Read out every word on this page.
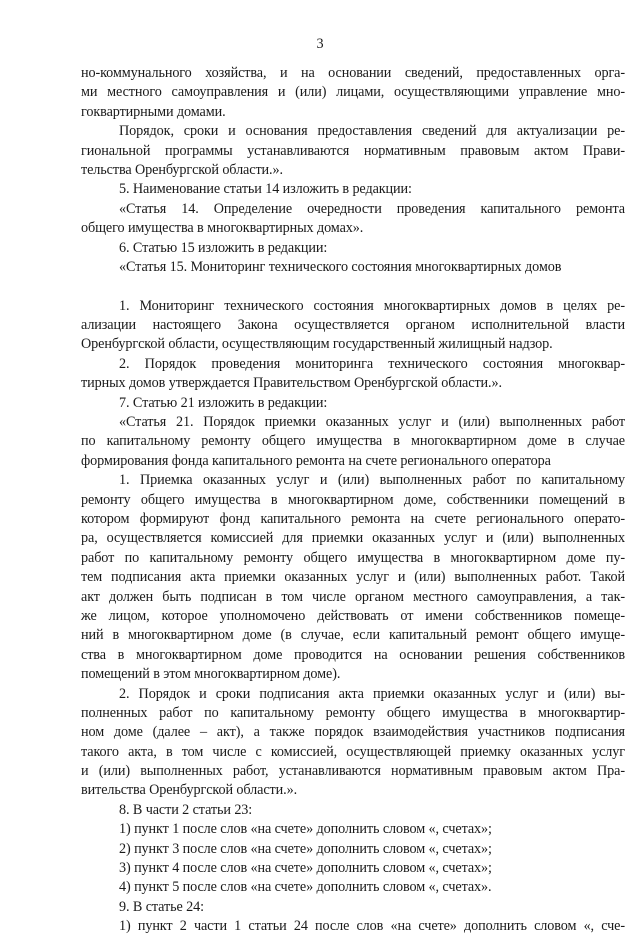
3
но-коммунального хозяйства, и на основании сведений, предоставленных орга-
ми местного самоуправления и (или) лицами, осуществляющими управление мно-
гоквартирными домами.
Порядок, сроки и основания предоставления сведений для актуализации ре-
гиональной программы устанавливаются нормативным правовым актом Прави-
тельства Оренбургской области.».
5. Наименование статьи 14 изложить в редакции:
«Статья 14. Определение очередности проведения капитального ремонта
общего имущества в многоквартирных домах».
6. Статью 15 изложить в редакции:
«Статья 15. Мониторинг технического состояния многоквартирных домов
1. Мониторинг технического состояния многоквартирных домов в целях ре-
ализации настоящего Закона осуществляется органом исполнительной власти
Оренбургской области, осуществляющим государственный жилищный надзор.
2. Порядок проведения мониторинга технического состояния многоквар-
тирных домов утверждается Правительством Оренбургской области.».
7. Статью 21 изложить в редакции:
«Статья 21. Порядок приемки оказанных услуг и (или) выполненных работ
по капитальному ремонту общего имущества в многоквартирном доме в случае
формирования фонда капитального ремонта на счете регионального оператора
1. Приемка оказанных услуг и (или) выполненных работ по капитальному
ремонту общего имущества в многоквартирном доме, собственники помещений в
котором формируют фонд капитального ремонта на счете регионального операто-
ра, осуществляется комиссией для приемки оказанных услуг и (или) выполненных
работ по капитальному ремонту общего имущества в многоквартирном доме пу-
тем подписания акта приемки оказанных услуг и (или) выполненных работ. Такой
акт должен быть подписан в том числе органом местного самоуправления, а так-
же лицом, которое уполномочено действовать от имени собственников помеще-
ний в многоквартирном доме (в случае, если капитальный ремонт общего имуще-
ства в многоквартирном доме проводится на основании решения собственников
помещений в этом многоквартирном доме).
2. Порядок и сроки подписания акта приемки оказанных услуг и (или) вы-
полненных работ по капитальному ремонту общего имущества в многоквартир-
ном доме (далее – акт), а также порядок взаимодействия участников подписания
такого акта, в том числе с комиссией, осуществляющей приемку оказанных услуг
и (или) выполненных работ, устанавливаются нормативным правовым актом Пра-
вительства Оренбургской области.».
8. В части 2 статьи 23:
1) пункт 1 после слов «на счете» дополнить словом «, счетах»;
2) пункт 3 после слов «на счете» дополнить словом «, счетах»;
3) пункт 4 после слов «на счете» дополнить словом «, счетах»;
4) пункт 5 после слов «на счете» дополнить словом «, счетах».
9. В статье 24:
1) пункт 2 части 1 статьи 24 после слов «на счете» дополнить словом «, сче-
